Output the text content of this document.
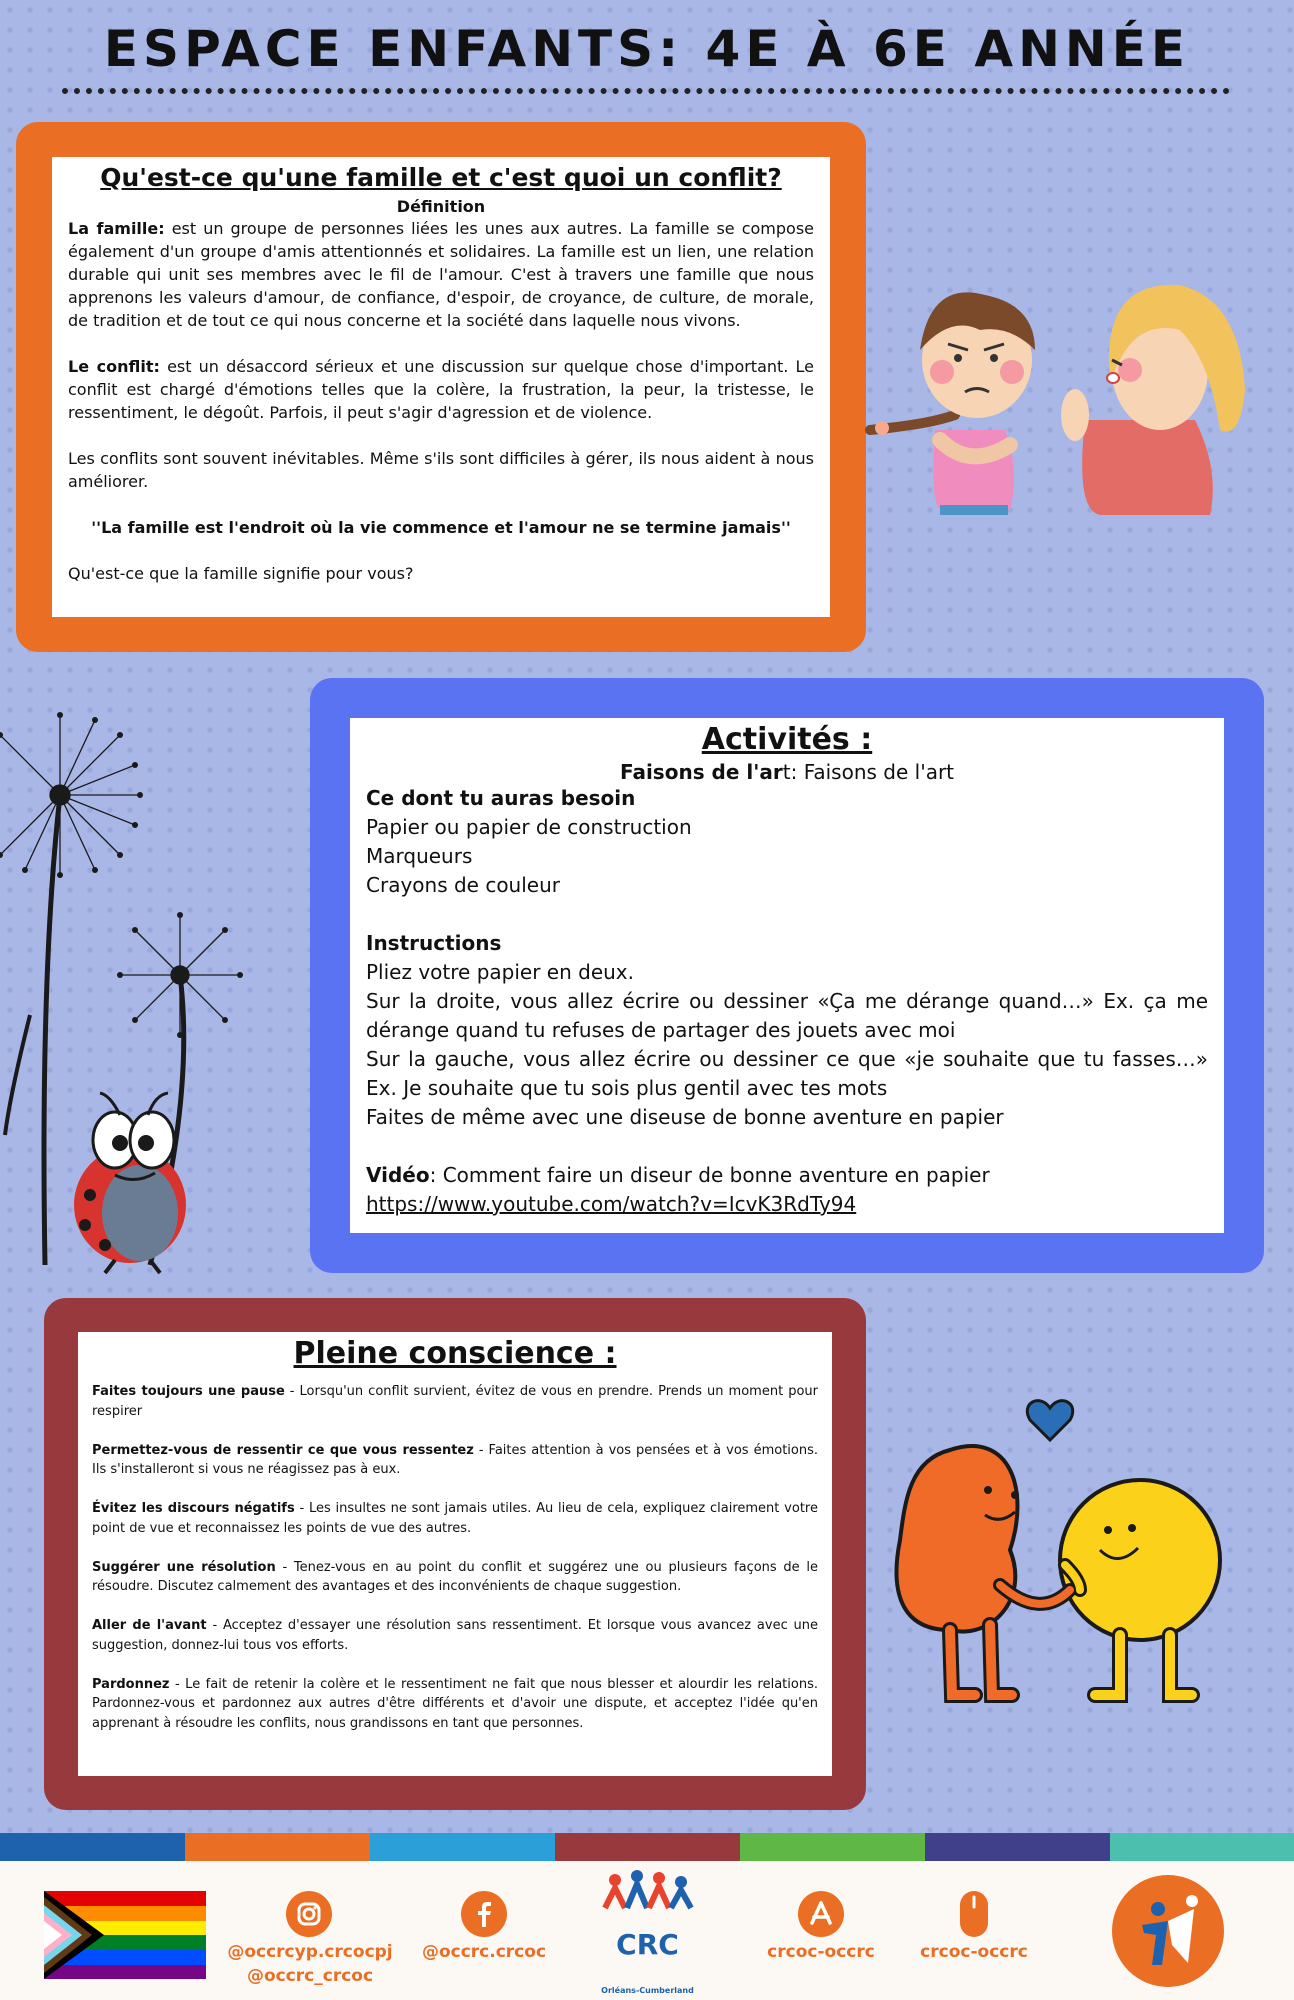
ESPACE ENFANTS: 4E À 6E ANNÉE
Qu'est-ce qu'une famille et c'est quoi un conflit?
Définition

La famille: est un groupe de personnes liées les unes aux autres. La famille se compose également d'un groupe d'amis attentionnés et solidaires. La famille est un lien, une relation durable qui unit ses membres avec le fil de l'amour. C'est à travers une famille que nous apprenons les valeurs d'amour, de confiance, d'espoir, de croyance, de culture, de morale, de tradition et de tout ce qui nous concerne et la société dans laquelle nous vivons.

Le conflit: est un désaccord sérieux et une discussion sur quelque chose d'important. Le conflit est chargé d'émotions telles que la colère, la frustration, la peur, la tristesse, le ressentiment, le dégoût. Parfois, il peut s'agir d'agression et de violence.

Les conflits sont souvent inévitables. Même s'ils sont difficiles à gérer, ils nous aident à nous améliorer.

''La famille est l'endroit où la vie commence et l'amour ne se termine jamais''

Qu'est-ce que la famille signifie pour vous?

Activités :
Faisons de l'art: Faisons de l'art
Ce dont tu auras besoin
Papier ou papier de construction
Marqueurs
Crayons de couleur
Instructions
Pliez votre papier en deux.
Sur la droite, vous allez écrire ou dessiner «Ça me dérange quand…» Ex. ça me dérange quand tu refuses de partager des jouets avec moi
Sur la gauche, vous allez écrire ou dessiner ce que «je souhaite que tu fasses…» Ex. Je souhaite que tu sois plus gentil avec tes mots
Faites de même avec une diseuse de bonne aventure en papier
Vidéo: Comment faire un diseur de bonne aventure en papier
https://www.youtube.com/watch?v=IcvK3RdTy94
Pleine conscience :

Faites toujours une pause - Lorsqu'un conflit survient, évitez de vous en prendre. Prends un moment pour respirer

Permettez-vous de ressentir ce que vous ressentez - Faites attention à vos pensées et à vos émotions. Ils s'installeront si vous ne réagissez pas à eux.

Évitez les discours négatifs - Les insultes ne sont jamais utiles. Au lieu de cela, expliquez clairement votre point de vue et reconnaissez les points de vue des autres.

Suggérer une résolution - Tenez-vous en au point du conflit et suggérez une ou plusieurs façons de le résoudre. Discutez calmement des avantages et des inconvénients de chaque suggestion.

Aller de l'avant - Acceptez d'essayer une résolution sans ressentiment. Et lorsque vous avancez avec une suggestion, donnez-lui tous vos efforts.

Pardonnez - Le fait de retenir la colère et le ressentiment ne fait que nous blesser et alourdir les relations. Pardonnez-vous et pardonnez aux autres d'être différents et d'avoir une dispute, et acceptez l'idée qu'en apprenant à résoudre les conflits, nous grandissons en tant que personnes.

@occrcyp.crcocpj
@occrc_crcoc
@occrc.crcoc	CRC
Orléans-Cumberland
crcoc-occrc	crcoc-occrc
